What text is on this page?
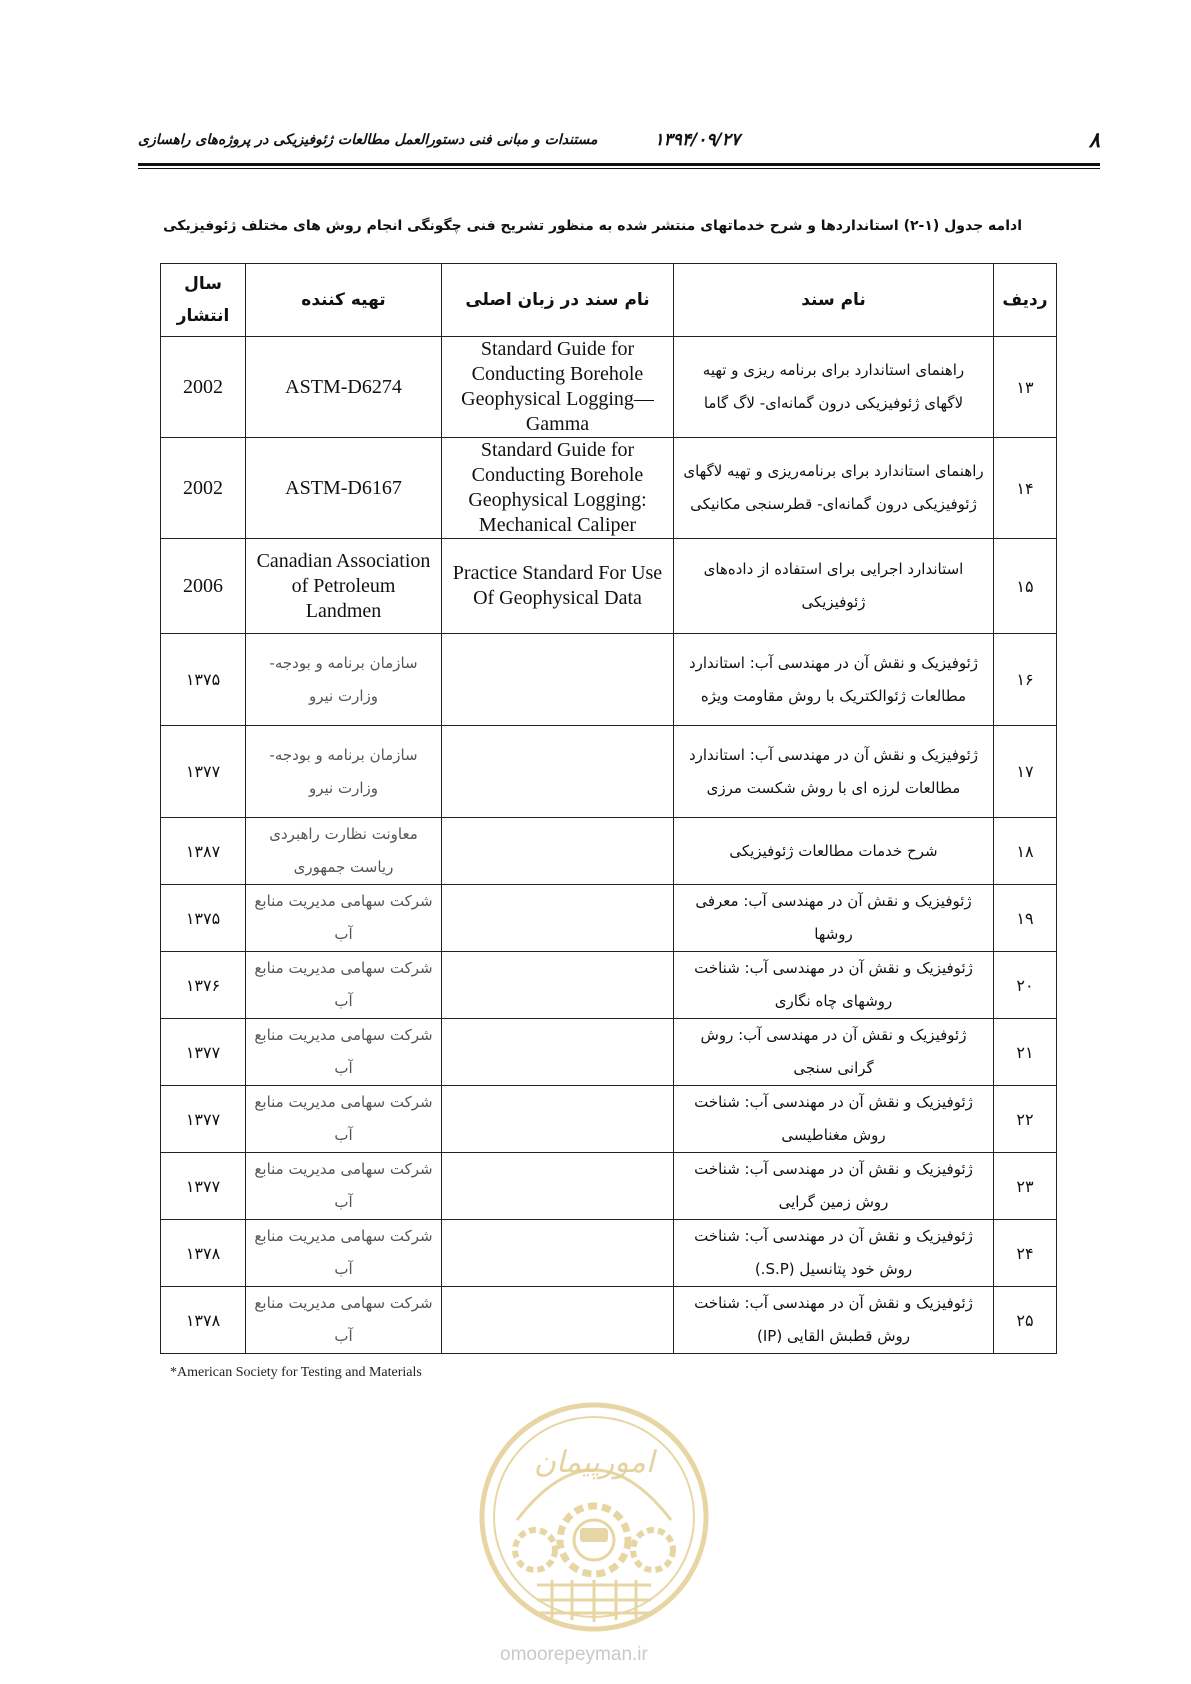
۸
۱۳۹۴/۰۹/۲۷
مستندات و مبانی فنی دستورالعمل مطالعات ژئوفیزیکی در پروژه‌های راهسازی
ادامه جدول (۱-۲) استانداردها و شرح خدماتهای منتشر شده به منظور تشریح فنی چگونگی انجام روش های مختلف ژئوفیزیکی
ردیف	نام سند	نام سند در زبان اصلی	تهیه کننده	سال انتشار
۱۳	راهنمای استاندارد برای برنامه ریزی و تهیه لاگهای ژئوفیزیکی درون گمانه‌ای- لاگ گاما	Standard Guide for Conducting Borehole Geophysical Logging—Gamma	ASTM-D6274	2002
۱۴	راهنمای استاندارد برای برنامه‌ریزی و تهیه لاگهای ژئوفیزیکی درون گمانه‌ای- قطرسنجی مکانیکی	Standard Guide for Conducting Borehole Geophysical Logging: Mechanical Caliper	ASTM-D6167	2002
۱۵	استاندارد اجرایی برای استفاده از داده‌های ژئوفیزیکی	Practice Standard For Use Of Geophysical Data	Canadian Association of Petroleum Landmen	2006
۱۶	ژئوفیزیک و نقش آن در مهندسی آب: استاندارد مطالعات ژئوالکتریک با روش مقاومت ویژه		سازمان برنامه و بودجه- وزارت نیرو	۱۳۷۵
۱۷	ژئوفیزیک و نقش آن در مهندسی آب: استاندارد مطالعات لرزه ای با روش شکست مرزی		سازمان برنامه و بودجه- وزارت نیرو	۱۳۷۷
۱۸	شرح خدمات مطالعات ژئوفیزیکی		معاونت نظارت راهبردی ریاست جمهوری	۱۳۸۷
۱۹	ژئوفیزیک و نقش آن در مهندسی آب: معرفی روشها		شرکت سهامی مدیریت منابع آب	۱۳۷۵
۲۰	ژئوفیزیک و نقش آن در مهندسی آب: شناخت روشهای چاه نگاری		شرکت سهامی مدیریت منابع آب	۱۳۷۶
۲۱	ژئوفیزیک و نقش آن در مهندسی آب: روش گرانی سنجی		شرکت سهامی مدیریت منابع آب	۱۳۷۷
۲۲	ژئوفیزیک و نقش آن در مهندسی آب: شناخت روش مغناطیسی		شرکت سهامی مدیریت منابع آب	۱۳۷۷
۲۳	ژئوفیزیک و نقش آن در مهندسی آب: شناخت روش زمین گرایی		شرکت سهامی مدیریت منابع آب	۱۳۷۷
۲۴	ژئوفیزیک و نقش آن در مهندسی آب: شناخت روش خود پتانسیل (S.P.)		شرکت سهامی مدیریت منابع آب	۱۳۷۸
۲۵	ژئوفیزیک و نقش آن در مهندسی آب: شناخت روش قطبش القایی (IP)		شرکت سهامی مدیریت منابع آب	۱۳۷۸
*American Society for Testing and Materials
امورپیمان
omoorepeyman.ir
